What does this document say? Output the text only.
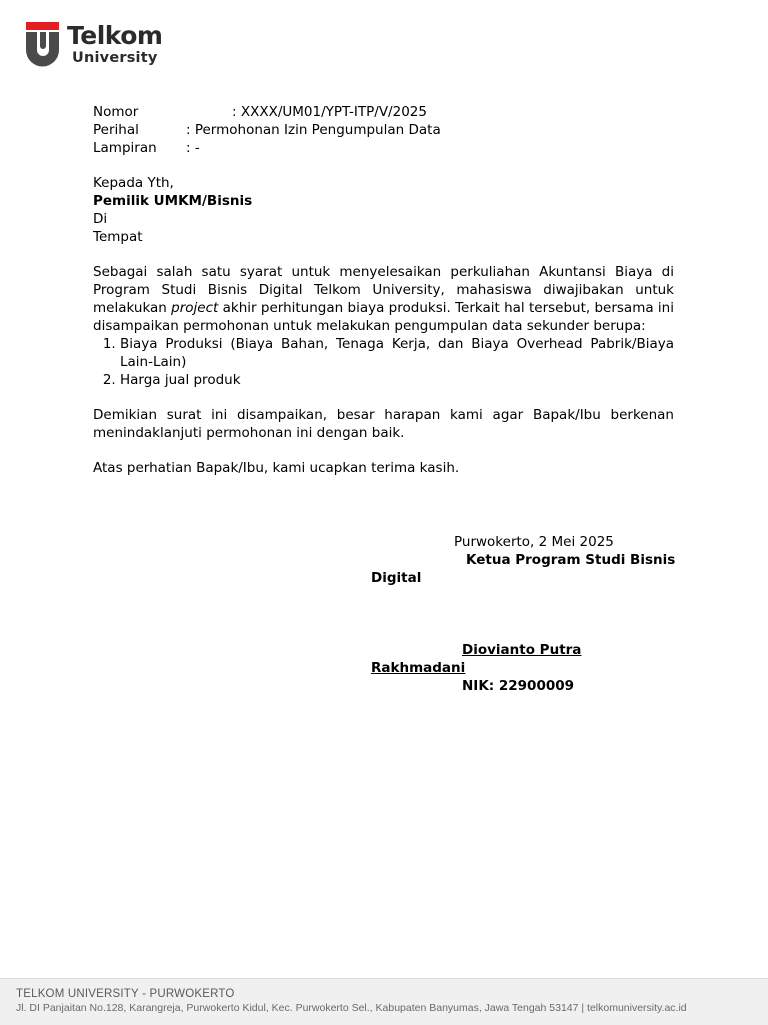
Telkom
University
Nomor	: XXXX/UM01/YPT-ITP/V/2025
Perihal	: Permohonan Izin Pengumpulan Data
Lampiran : -
Kepada Yth,
Pemilik UMKM/Bisnis
Di
Tempat

Sebagai salah satu syarat untuk menyelesaikan perkuliahan Akuntansi Biaya di Program Studi Bisnis Digital Telkom University, mahasiswa diwajibakan untuk melakukan project akhir perhitungan biaya produksi. Terkait hal tersebut, bersama ini disampaikan permohonan untuk melakukan pengumpulan data sekunder berupa:

1. Biaya Produksi (Biaya Bahan, Tenaga Kerja, dan Biaya Overhead Pabrik/Biaya Lain-Lain)
2. Harga jual produk

Demikian surat ini disampaikan, besar harapan kami agar Bapak/Ibu berkenan menindaklanjuti permohonan ini dengan baik.

Atas perhatian Bapak/Ibu, kami ucapkan terima kasih.

Purwokerto, 2 Mei 2025
Ketua Program Studi Bisnis
Digital
Diovianto Putra
Rakhmadani
NIK: 22900009
TELKOM UNIVERSITY - PURWOKERTO
Jl. DI Panjaitan No.128, Karangreja, Purwokerto Kidul, Kec. Purwokerto Sel., Kabupaten Banyumas, Jawa Tengah 53147 | telkomuniversity.ac.id
